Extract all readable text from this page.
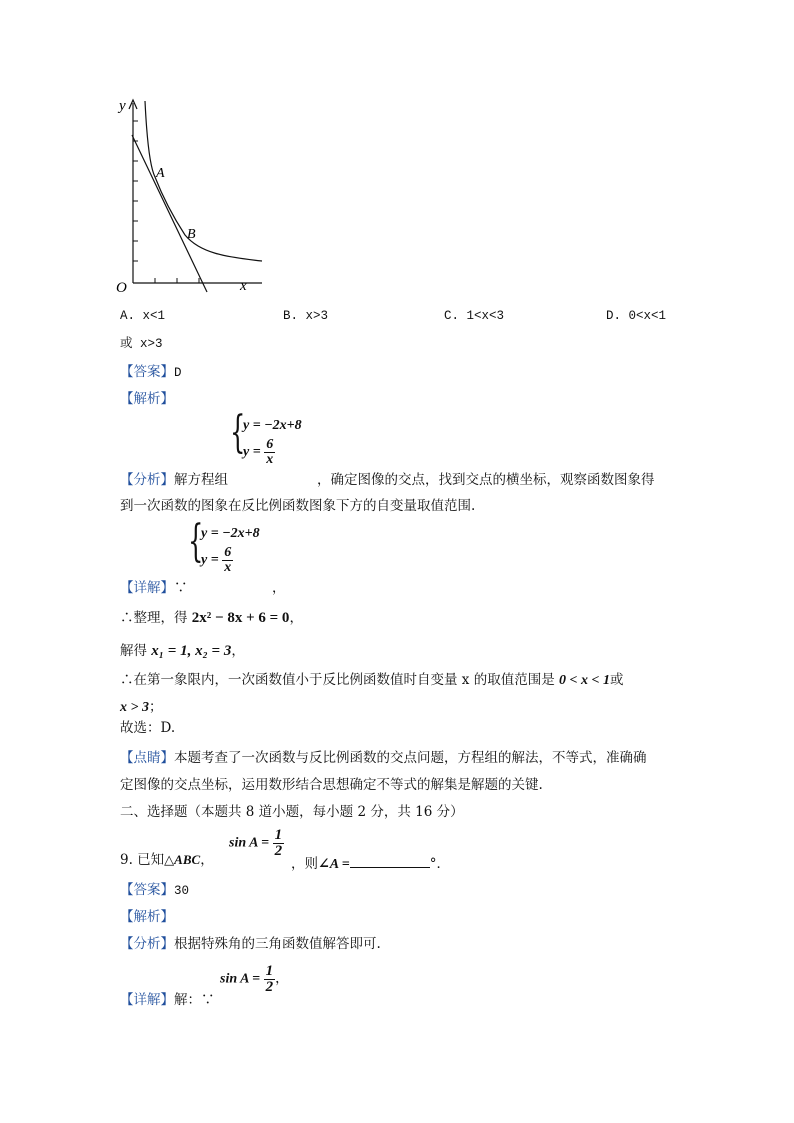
y
x
O
A
B
A. x<1	B. x>3	C. 1<x<3	D. 0<x<1
或 x>3
【答案】D
【解析】
{
y = −2x+8
$y = \frac{6}{x}$
【分析】解方程组	，确定图像的交点，找到交点的横坐标，观察函数图象得
到一次函数的图象在反比例函数图象下方的自变量取值范围.
{
y = −2x+8
$y = \frac{6}{x}$
【详解】∵	，
∴整理，得 2x² − 8x + 6 = 0，
解得 x₁ = 1, x₂ = 3，
∴在第一象限内，一次函数值小于反比例函数值时自变量 x 的取值范围是 0 < x < 1或
x > 3；
故选：D.
【点睛】本题考查了一次函数与反比例函数的交点问题，方程组的解法，不等式，准确确
定图像的交点坐标，运用数形结合思想确定不等式的解集是解题的关键.
二、选择题（本题共 8 道小题，每小题 2 分，共 16 分）
9. 已知△ABC，
$\sin A = \frac{1}{2}$
，则∠A =	°．
【答案】30
【解析】
【分析】根据特殊角的三角函数值解答即可.
【详解】解：∵
$\sin A = \frac{1}{2}$ ，
